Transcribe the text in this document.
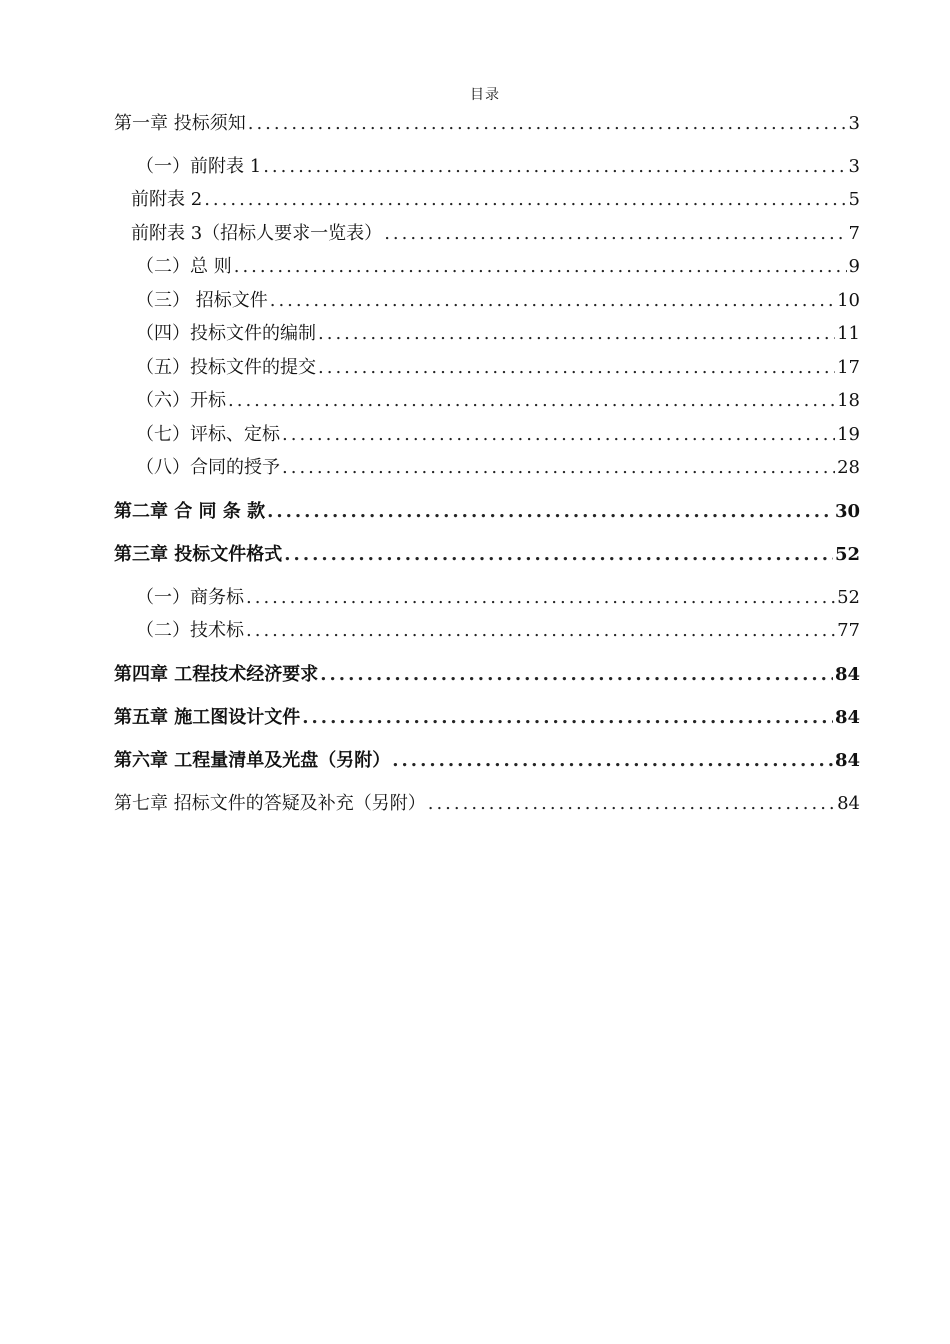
目录
第一章 投标须知 .....	3
（一）前附表 1 .....	3
前附表 2 .....	5
前附表 3（招标人要求一览表） .....	7
（二）总 则 .....	9
（三） 招标文件 .....	10
（四）投标文件的编制 .....	11
（五）投标文件的提交 .....	17
（六）开标 .....	18
（七）评标、定标 .....	19
（八）合同的授予 .....	28
第二章 合 同 条 款 .....	30
第三章 投标文件格式 .....	52
（一）商务标 .....	52
（二）技术标 .....	77
第四章 工程技术经济要求 .....	84
第五章 施工图设计文件 .....	84
第六章 工程量清单及光盘（另附） .....	84
第七章 招标文件的答疑及补充（另附） .....	84
